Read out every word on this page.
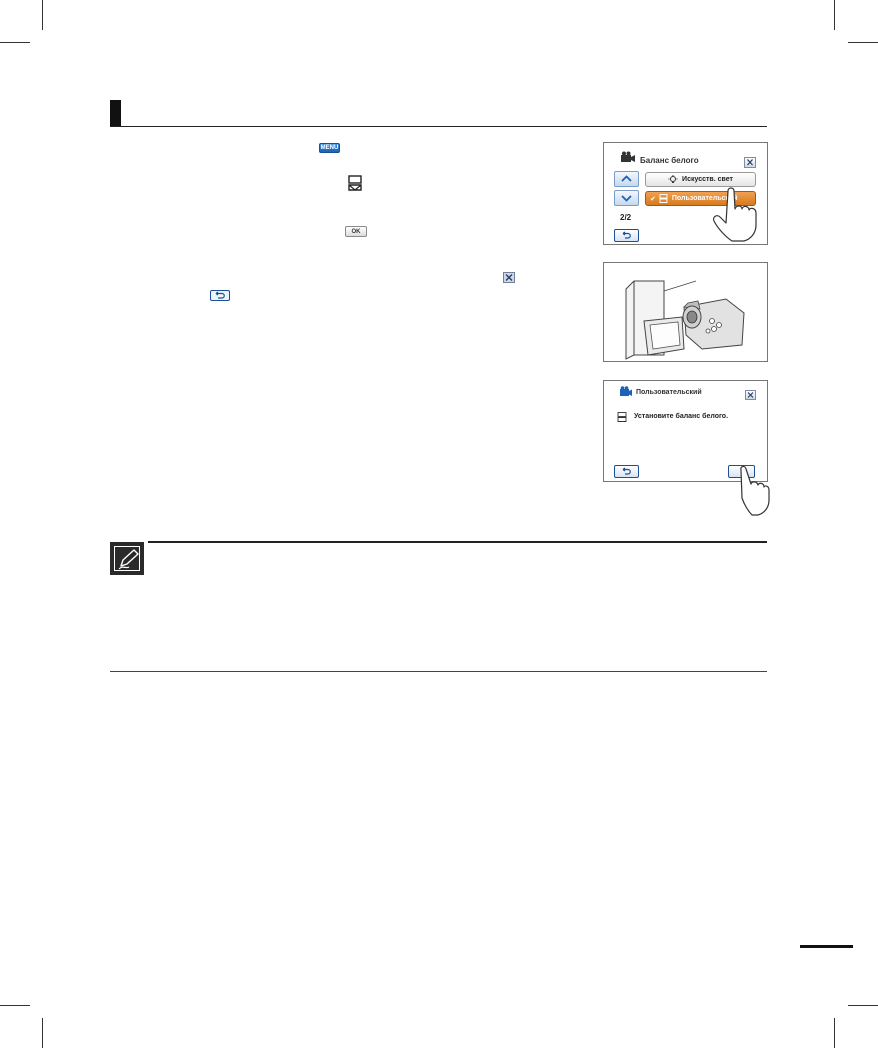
MENU
OK
Баланс белого
Искусств. свет
✔ Пользовательский
2/2
Пользовательский
Установите баланс белого.
